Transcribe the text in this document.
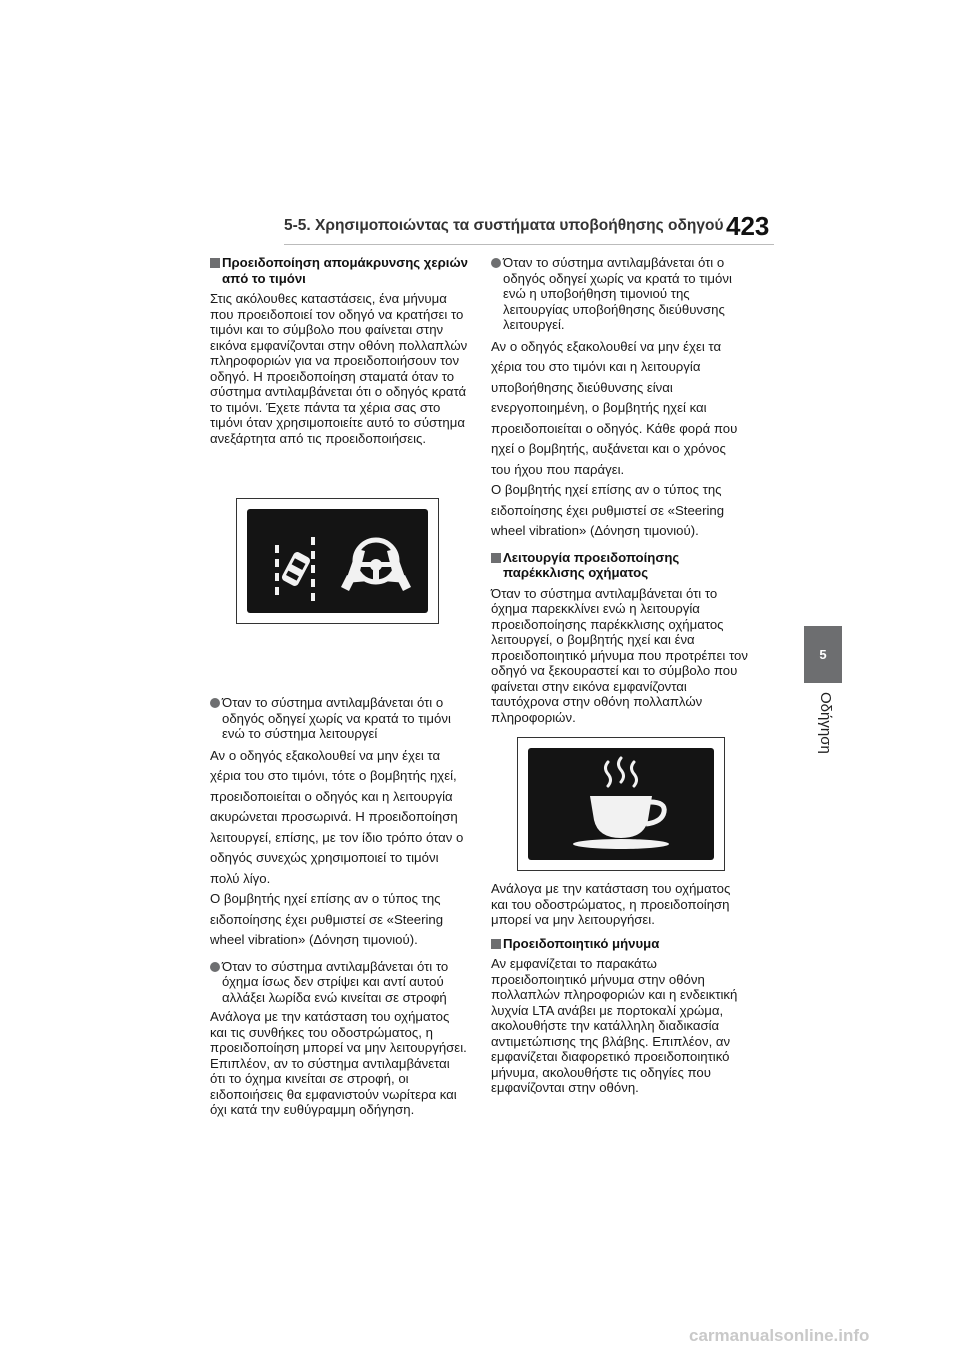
5-5. Χρησιμοποιώντας τα συστήματα υποβοήθησης οδηγού 423
5
Οδήγηση
Προειδοποίηση απομάκρυνσης χεριών από το τιμόνι
Στις ακόλουθες καταστάσεις, ένα μήνυμα που προειδοποιεί τον οδηγό να κρατήσει το τιμόνι και το σύμβολο που φαίνεται στην εικόνα εμφανίζονται στην οθόνη πολλαπλών πληροφοριών για να προειδοποιήσουν τον οδηγό. Η προειδοποίηση σταματά όταν το σύστημα αντιλαμβάνεται ότι ο οδηγός κρατά το τιμόνι. Έχετε πάντα τα χέρια σας στο τιμόνι όταν χρησιμοποιείτε αυτό το σύστημα ανεξάρτητα από τις προειδοποιήσεις.
Όταν το σύστημα αντιλαμβάνεται ότι ο οδηγός οδηγεί χωρίς να κρατά το τιμόνι ενώ το σύστημα λειτουργεί
Αν ο οδηγός εξακολουθεί να μην έχει τα χέρια του στο τιμόνι, τότε ο βομβητής ηχεί, προειδοποιείται ο οδηγός και η λειτουργία ακυρώνεται προσωρινά. Η προειδοποίηση λειτουργεί, επίσης, με τον ίδιο τρόπο όταν ο οδηγός συνεχώς χρησιμοποιεί το τιμόνι πολύ λίγο.
Ο βομβητής ηχεί επίσης αν ο τύπος της ειδοποίησης έχει ρυθμιστεί σε «Steering wheel vibration» (Δόνηση τιμονιού).
Όταν το σύστημα αντιλαμβάνεται ότι το όχημα ίσως δεν στρίψει και αντί αυτού αλλάξει λωρίδα ενώ κινείται σε στροφή
Ανάλογα με την κατάσταση του οχήματος και τις συνθήκες του οδοστρώματος, η προειδοποίηση μπορεί να μην λειτουργήσει. Επιπλέον, αν το σύστημα αντιλαμβάνεται ότι το όχημα κινείται σε στροφή, οι ειδοποιήσεις θα εμφανιστούν νωρίτερα και όχι κατά την ευθύγραμμη οδήγηση.
Όταν το σύστημα αντιλαμβάνεται ότι ο οδηγός οδηγεί χωρίς να κρατά το τιμόνι ενώ η υποβοήθηση τιμονιού της λειτουργίας υποβοήθησης διεύθυνσης λειτουργεί.
Αν ο οδηγός εξακολουθεί να μην έχει τα χέρια του στο τιμόνι και η λειτουργία υποβοήθησης διεύθυνσης είναι ενεργοποιημένη, ο βομβητής ηχεί και προειδοποιείται ο οδηγός. Κάθε φορά που ηχεί ο βομβητής, αυξάνεται και ο χρόνος του ήχου που παράγει.
Ο βομβητής ηχεί επίσης αν ο τύπος της ειδοποίησης έχει ρυθμιστεί σε «Steering wheel vibration» (Δόνηση τιμονιού).
Λειτουργία προειδοποίησης παρέκκλισης οχήματος
Όταν το σύστημα αντιλαμβάνεται ότι το όχημα παρεκκλίνει ενώ η λειτουργία προειδοποίησης παρέκκλισης οχήματος λειτουργεί, ο βομβητής ηχεί και ένα προειδοποιητικό μήνυμα που προτρέπει τον οδηγό να ξεκουραστεί και το σύμβολο που φαίνεται στην εικόνα εμφανίζονται ταυτόχρονα στην οθόνη πολλαπλών πληροφοριών.
Ανάλογα με την κατάσταση του οχήματος και του οδοστρώματος, η προειδοποίηση μπορεί να μην λειτουργήσει.
Προειδοποιητικό μήνυμα
Αν εμφανίζεται το παρακάτω προειδοποιητικό μήνυμα στην οθόνη πολλαπλών πληροφοριών και η ενδεικτική λυχνία LTA ανάβει με πορτοκαλί χρώμα, ακολουθήστε την κατάλληλη διαδικασία αντιμετώπισης της βλάβης. Επιπλέον, αν εμφανίζεται διαφορετικό προειδοποιητικό μήνυμα, ακολουθήστε τις οδηγίες που εμφανίζονται στην οθόνη.
carmanualsonline.info
